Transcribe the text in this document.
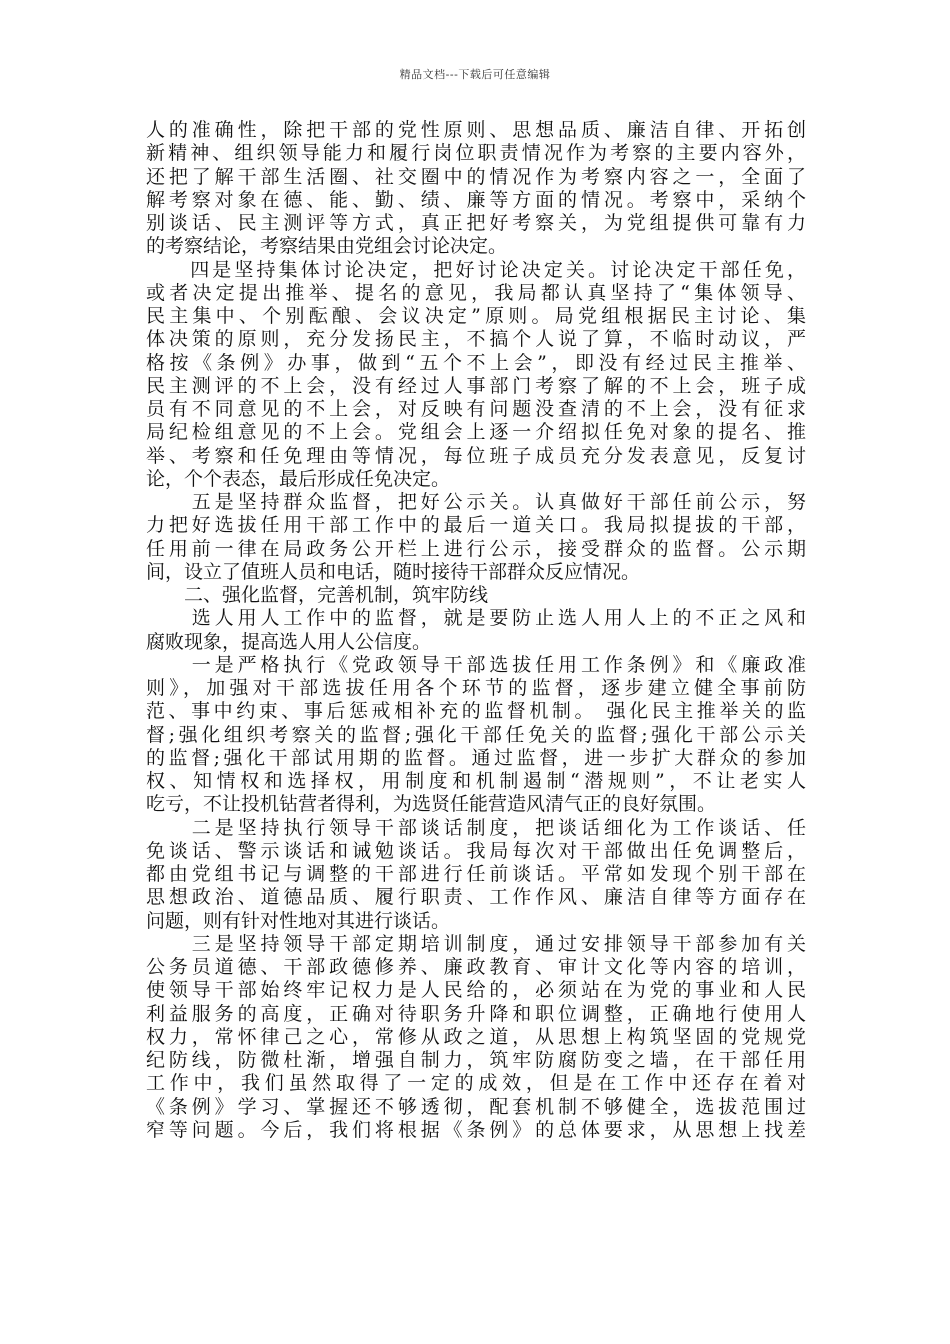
精品文档---下载后可任意编辑
人的准确性，除把干部的党性原则、思想品质、廉洁自律、开拓创
新精神、组织领导能力和履行岗位职责情况作为考察的主要内容外，
还把了解干部生活圈、社交圈中的情况作为考察内容之一，全面了
解考察对象在德、能、勤、绩、廉等方面的情况。考察中，采纳个
别谈话、民主测评等方式，真正把好考察关，为党组提供可靠有力
的考察结论，考察结果由党组会讨论决定。
　　四是坚持集体讨论决定，把好讨论决定关。讨论决定干部任免，
或者决定提出推举、提名的意见，我局都认真坚持了“集体领导、
民主集中、个别酝酿、会议决定”原则。局党组根据民主讨论、集
体决策的原则，充分发扬民主，不搞个人说了算，不临时动议，严
格按《条例》办事，做到“五个不上会”，即没有经过民主推举、
民主测评的不上会，没有经过人事部门考察了解的不上会，班子成
员有不同意见的不上会，对反映有问题没查清的不上会，没有征求
局纪检组意见的不上会。党组会上逐一介绍拟任免对象的提名、推
举、考察和任免理由等情况，每位班子成员充分发表意见，反复讨
论，个个表态，最后形成任免决定。
　　五是坚持群众监督，把好公示关。认真做好干部任前公示，努
力把好选拔任用干部工作中的最后一道关口。我局拟提拔的干部，
任用前一律在局政务公开栏上进行公示，接受群众的监督。公示期
间，设立了值班人员和电话，随时接待干部群众反应情况。
　　二、强化监督，完善机制，筑牢防线
　　选人用人工作中的监督，就是要防止选人用人上的不正之风和
腐败现象，提高选人用人公信度。
　　一是严格执行《党政领导干部选拔任用工作条例》和《廉政准
则》，加强对干部选拔任用各个环节的监督，逐步建立健全事前防
范、事中约束、事后惩戒相补充的监督机制。 强化民主推举关的监
督;强化组织考察关的监督;强化干部任免关的监督;强化干部公示关
的监督;强化干部试用期的监督。通过监督，进一步扩大群众的参加
权、知情权和选择权，用制度和机制遏制“潜规则”，不让老实人
吃亏，不让投机钻营者得利，为选贤任能营造风清气正的良好氛围。
　　二是坚持执行领导干部谈话制度，把谈话细化为工作谈话、任
免谈话、警示谈话和诫勉谈话。我局每次对干部做出任免调整后，
都由党组书记与调整的干部进行任前谈话。平常如发现个别干部在
思想政治、道德品质、履行职责、工作作风、廉洁自律等方面存在
问题，则有针对性地对其进行谈话。
　　三是坚持领导干部定期培训制度，通过安排领导干部参加有关
公务员道德、干部政德修养、廉政教育、审计文化等内容的培训，
使领导干部始终牢记权力是人民给的，必须站在为党的事业和人民
利益服务的高度，正确对待职务升降和职位调整，正确地行使用人
权力，常怀律己之心，常修从政之道，从思想上构筑坚固的党规党
纪防线，防微杜渐，增强自制力，筑牢防腐防变之墙，在干部任用
工作中，我们虽然取得了一定的成效，但是在工作中还存在着对
《条例》学习、掌握还不够透彻，配套机制不够健全，选拔范围过
窄等问题。今后，我们将根据《条例》的总体要求，从思想上找差
